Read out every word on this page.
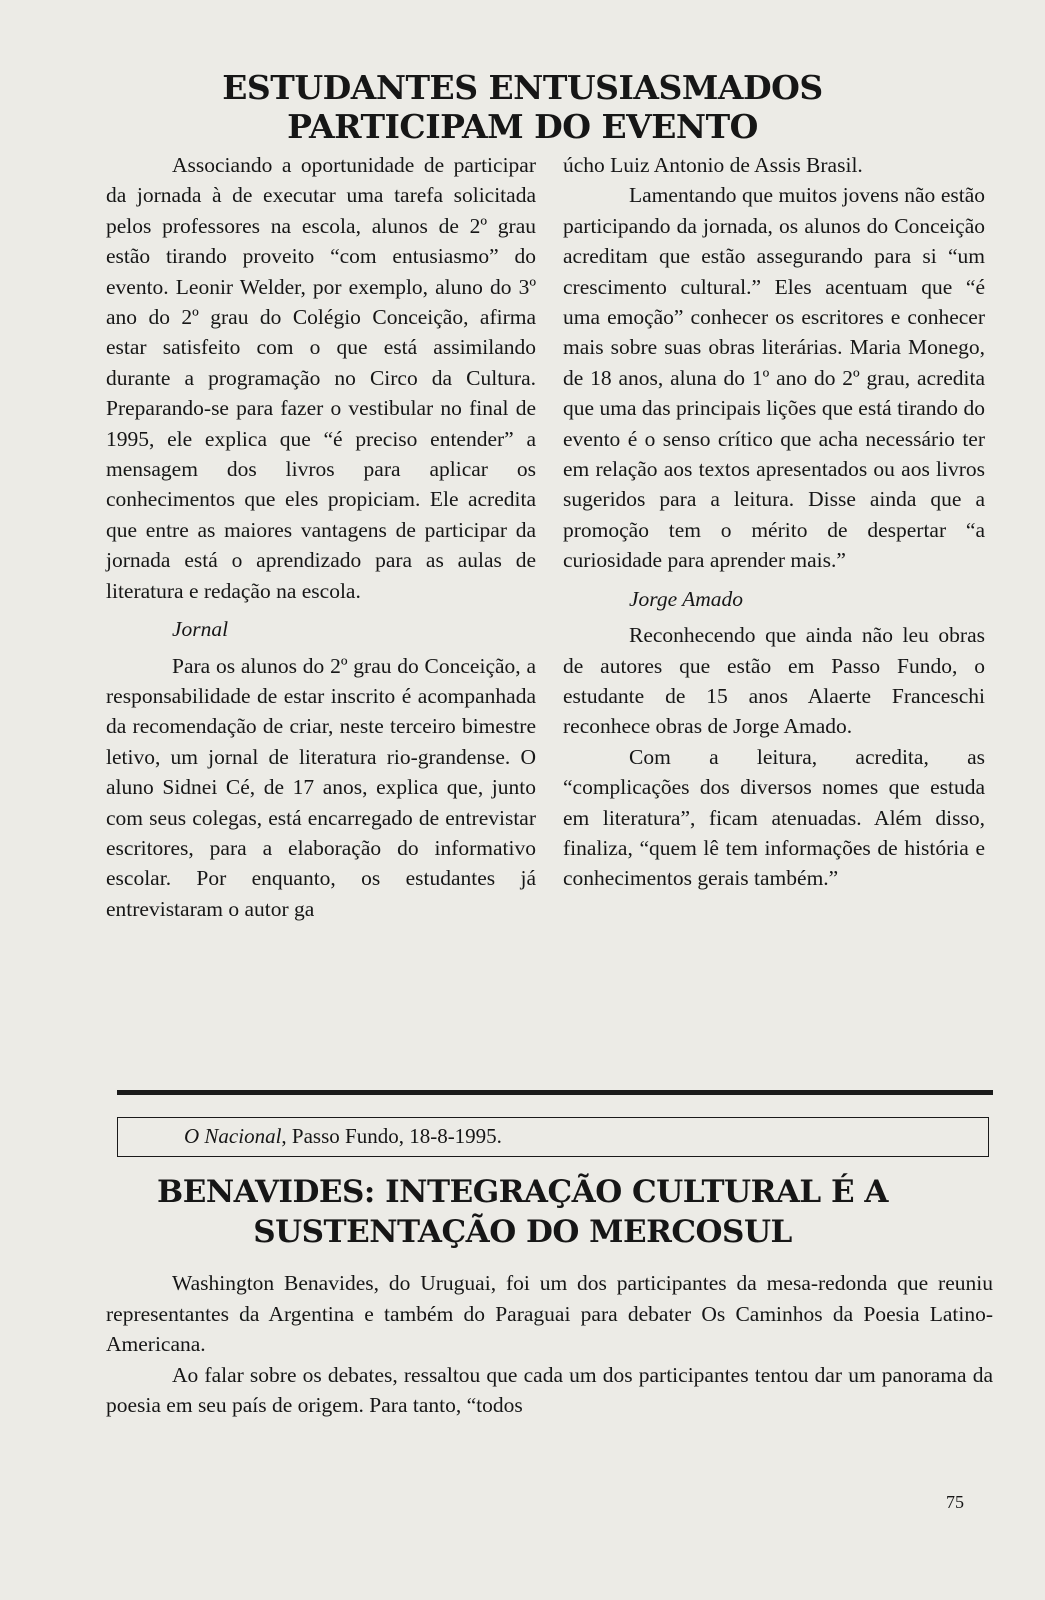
ESTUDANTES ENTUSIASMADOS
PARTICIPAM DO EVENTO

Associando a oportunidade de participar da jornada à de executar uma tarefa solicitada pelos professores na escola, alunos de 2º grau estão tirando proveito “com entusiasmo” do evento. Leonir Welder, por exemplo, aluno do 3º ano do 2º grau do Colégio Conceição, afirma estar satisfeito com o que está assimilando durante a programação no Circo da Cultura. Preparando-se para fazer o vestibular no final de 1995, ele explica que “é preciso entender” a mensagem dos livros para aplicar os conhecimentos que eles propiciam. Ele acredita que entre as maiores vantagens de participar da jornada está o aprendizado para as aulas de literatura e redação na escola.

Jornal

Para os alunos do 2º grau do Conceição, a responsabilidade de estar inscrito é acompanhada da recomendação de criar, neste terceiro bimestre letivo, um jornal de literatura rio-grandense. O aluno Sidnei Cé, de 17 anos, explica que, junto com seus colegas, está encarregado de entrevistar escritores, para a elaboração do informativo escolar. Por enquanto, os estudantes já entrevistaram o autor ga

úcho Luiz Antonio de Assis Brasil.

Lamentando que muitos jovens não estão participando da jornada, os alunos do Conceição acreditam que estão assegurando para si “um crescimento cultural.” Eles acentuam que “é uma emoção” conhecer os escritores e conhecer mais sobre suas obras literárias. Maria Monego, de 18 anos, aluna do 1º ano do 2º grau, acredita que uma das principais lições que está tirando do evento é o senso crítico que acha necessário ter em relação aos textos apresentados ou aos livros sugeridos para a leitura. Disse ainda que a promoção tem o mérito de despertar “a curiosidade para aprender mais.”

Jorge Amado

Reconhecendo que ainda não leu obras de autores que estão em Passo Fundo, o estudante de 15 anos Alaerte Franceschi reconhece obras de Jorge Amado.

Com a leitura, acredita, as “complicações dos diversos nomes que estuda em literatura”, ficam atenuadas. Além disso, finaliza, “quem lê tem informações de história e conhecimentos gerais também.”

O Nacional, Passo Fundo, 18-8-1995.
BENAVIDES: INTEGRAÇÃO CULTURAL É A
SUSTENTAÇÃO DO MERCOSUL

Washington Benavides, do Uruguai, foi um dos participantes da mesa-redonda que reuniu representantes da Argentina e também do Paraguai para debater Os Caminhos da Poesia Latino-Americana.

Ao falar sobre os debates, ressaltou que cada um dos participantes tentou dar um panorama da poesia em seu país de origem. Para tanto, “todos

75
